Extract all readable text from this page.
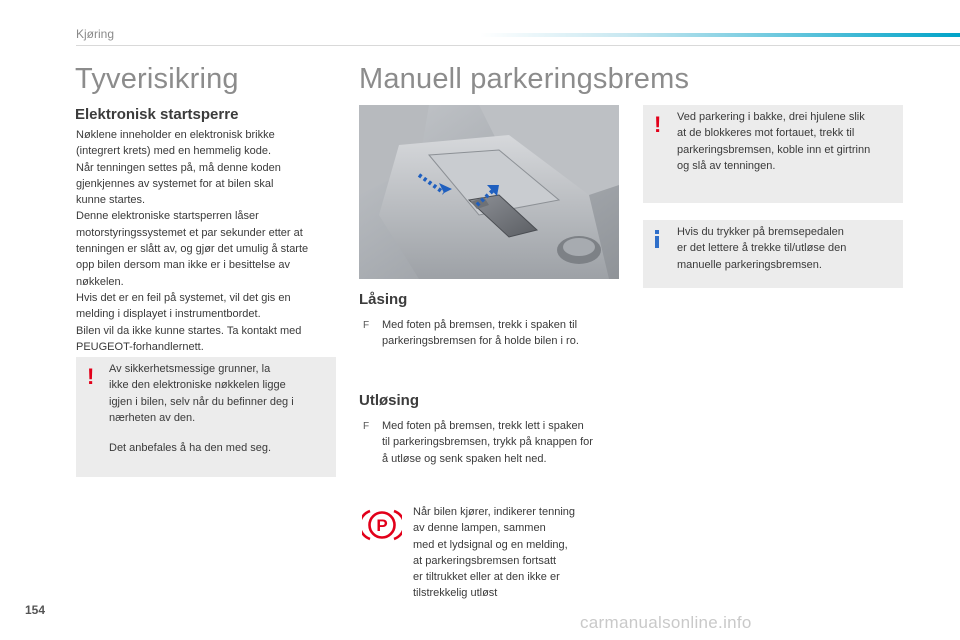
Kjøring
Tyverisikring
Elektronisk startsperre
Nøklene inneholder en elektronisk brikke
(integrert krets) med en hemmelig kode.
Når tenningen settes på, må denne koden
gjenkjennes av systemet for at bilen skal
kunne startes.
Denne elektroniske startsperren låser
motorstyringssystemet et par sekunder etter at
tenningen er slått av, og gjør det umulig å starte
opp bilen dersom man ikke er i besittelse av
nøkkelen.
Hvis det er en feil på systemet, vil det gis en
melding i displayet i instrumentbordet.
Bilen vil da ikke kunne startes. Ta kontakt med
PEUGEOT-forhandlernett.
! Av sikkerhetsmessige grunner, la
ikke den elektroniske nøkkelen ligge
igjen i bilen, selv når du befinner deg i
nærheten av den.
Det anbefales å ha den med seg.
Manuell parkeringsbrems
Låsing
F Med foten på bremsen, trekk i spaken til
parkeringsbremsen for å holde bilen i ro.
Utløsing
F Med foten på bremsen, trekk lett i spaken
til parkeringsbremsen, trykk på knappen for
å utløse og senk spaken helt ned.
P
Når bilen kjører, indikerer tenning
av denne lampen, sammen
med et lydsignal og en melding,
at parkeringsbremsen fortsatt
er tiltrukket eller at den ikke er
tilstrekkelig utløst
! Ved parkering i bakke, drei hjulene slik
at de blokkeres mot fortauet, trekk til
parkeringsbremsen, koble inn et girtrinn
og slå av tenningen.
Hvis du trykker på bremsepedalen
er det lettere å trekke til/utløse den
manuelle parkeringsbremsen.
154
carmanualsonline.info
